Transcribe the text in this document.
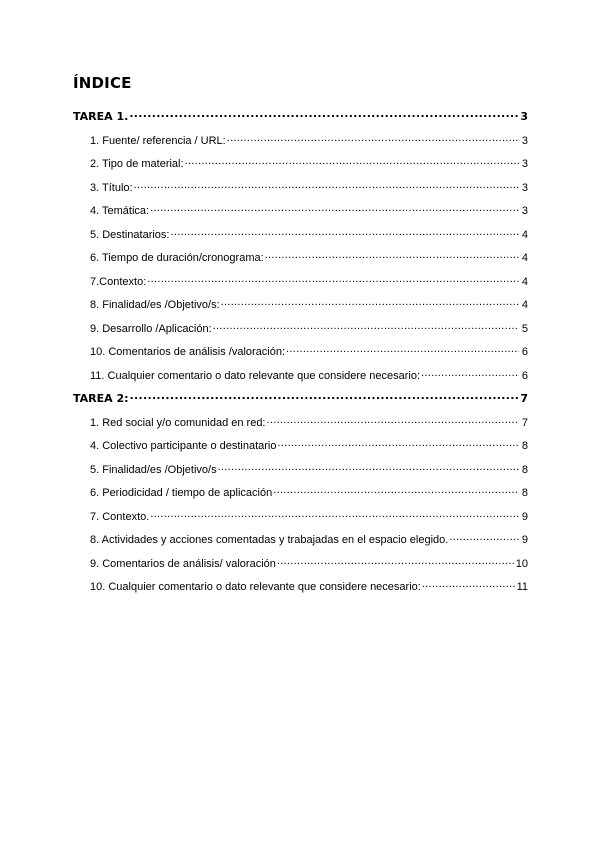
ÍNDICE
TAREA 1. .....	3
1. Fuente/ referencia / URL: .....	3
2. Tipo de material: .....	3
3. Título: .....	3
4. Temática: .....	3
5. Destinatarios: .....	4
6. Tiempo de duración/cronograma: .....	4
7.Contexto: .....	4
8. Finalidad/es /Objetivo/s: .....	4
9. Desarrollo /Aplicación: .....	5
10. Comentarios de análisis /valoración: .....	6
11. Cualquier comentario o dato relevante que considere necesario: .....	6
TAREA 2: .....	7
1. Red social y/o comunidad en red: .....	7
4. Colectivo participante o destinatario .....	8
5. Finalidad/es /Objetivo/s .....	8
6. Periodicidad / tiempo de aplicación .....	8
7. Contexto. .....	9
8. Actividades y acciones comentadas y trabajadas en el espacio elegido. .....	9
9. Comentarios de análisis/ valoración .....	10
10. Cualquier comentario o dato relevante que considere necesario: .....	11
